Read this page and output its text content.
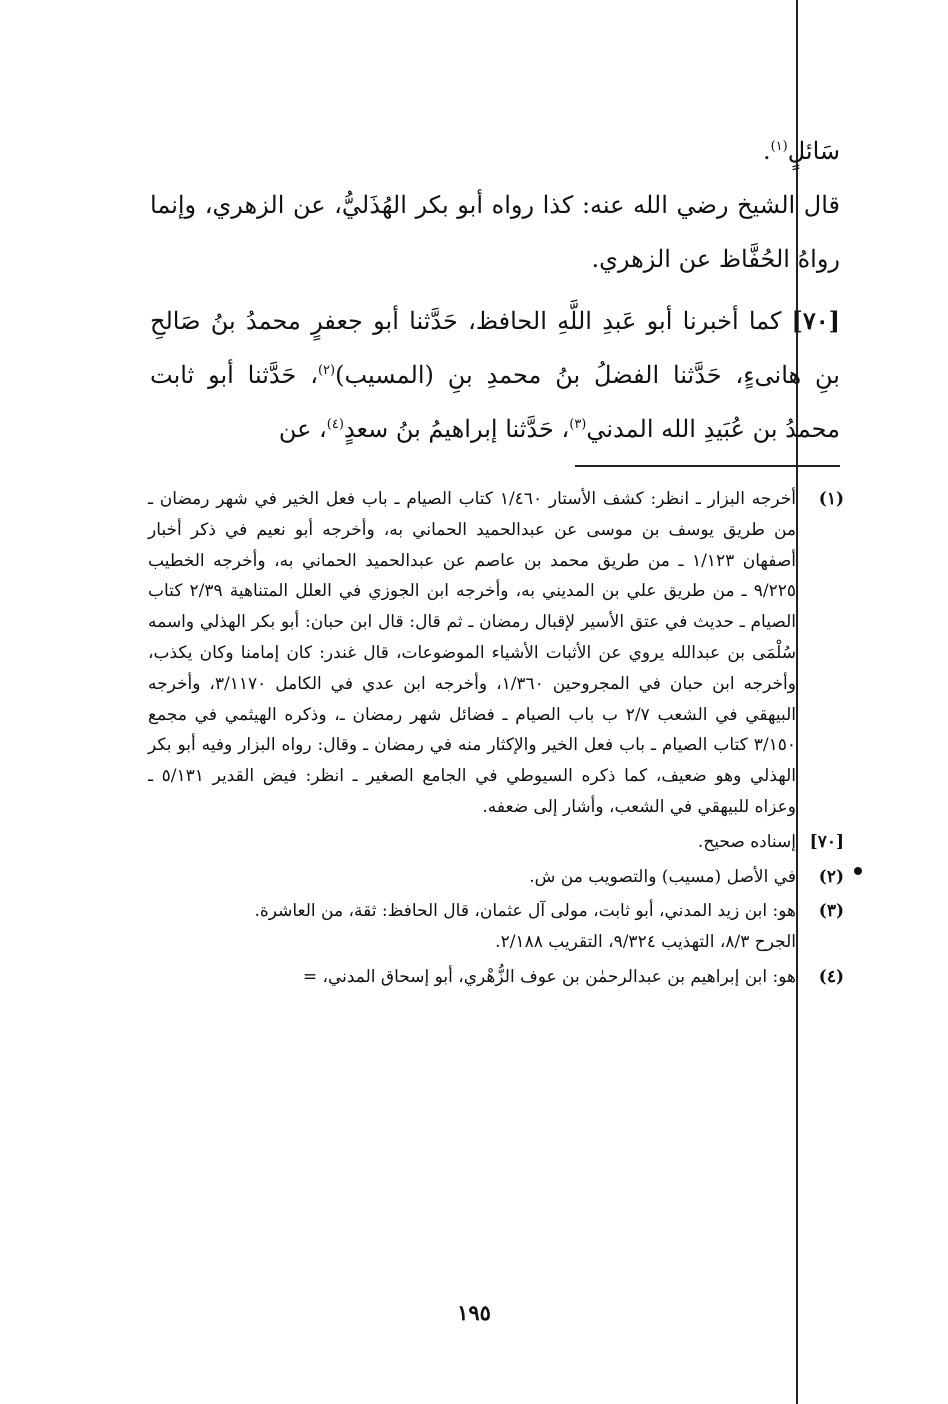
سَائلٍ$^{(١)}$.

قال الشيخ رضي الله عنه: كذا رواه أبو بكر الهُذَليُّ، عن الزهري، وإنما رواهُ الحُفَّاظ عن الزهري.

[٧٠]كما أخبرنا أبو عَبدِ اللَّهِ الحافظ، حَدَّثنا أبو جعفرٍ محمدُ بنُ صَالحِ بنِ هانىءٍ، حَدَّثنا الفضلُ بنُ محمدِ بنِ (المسيب)$^{(٢)}$، حَدَّثنا أبو ثابت محمدُ بن عُبَيدِ الله المدني$^{(٣)}$، حَدَّثنا إبراهيمُ بنُ سعدٍ$^{(٤)}$، عن

(١)

أخرجه البزار ـ انظر: كشف الأستار ١/٤٦٠ كتاب الصيام ـ باب فعل الخير في شهر رمضان ـ من طريق يوسف بن موسى عن عبدالحميد الحماني به، وأخرجه أبو نعيم في ذكر أخبار أصفهان ١/١٢٣ ـ من طريق محمد بن عاصم عن عبدالحميد الحماني به، وأخرجه الخطيب ٩/٢٢٥ ـ من طريق علي بن المديني به، وأخرجه ابن الجوزي في العلل المتناهية ٢/٣٩ كتاب الصيام ـ حديث في عتق الأسير لإقبال رمضان ـ ثم قال: قال ابن حبان: أبو بكر الهذلي واسمه سُلْمَى بن عبدالله يروي عن الأثبات الأشياء الموضوعات، قال غندر: كان إمامنا وكان يكذب، وأخرجه ابن حبان في المجروحين ١/٣٦٠، وأخرجه ابن عدي في الكامل ٣/١١٧٠، وأخرجه البيهقي في الشعب ٢/٧ ب باب الصيام ـ فضائل شهر رمضان ـ، وذكره الهيثمي في مجمع ٣/١٥٠ كتاب الصيام ـ باب فعل الخير والإكثار منه في رمضان ـ وقال: رواه البزار وفيه أبو بكر الهذلي وهو ضعيف، كما ذكره السيوطي في الجامع الصغير ـ انظر: فيض القدير ٥/١٣١ ـ وعزاه للبيهقي في الشعب، وأشار إلى ضعفه.

[٧٠]

إسناده صحيح.

(٢)

في الأصل (مسيب) والتصويب من ش.

(٣)

هو: ابن زيد المدني، أبو ثابت، مولى آل عثمان، قال الحافظ: ثقة، من العاشرة.

الجرح ٨/٣، التهذيب ٩/٣٢٤، التقريب ٢/١٨٨.

(٤)

هو: ابن إبراهيم بن عبدالرحمٰن بن عوف الزُّهْري، أبو إسحاق المدني، =

١٩٥
